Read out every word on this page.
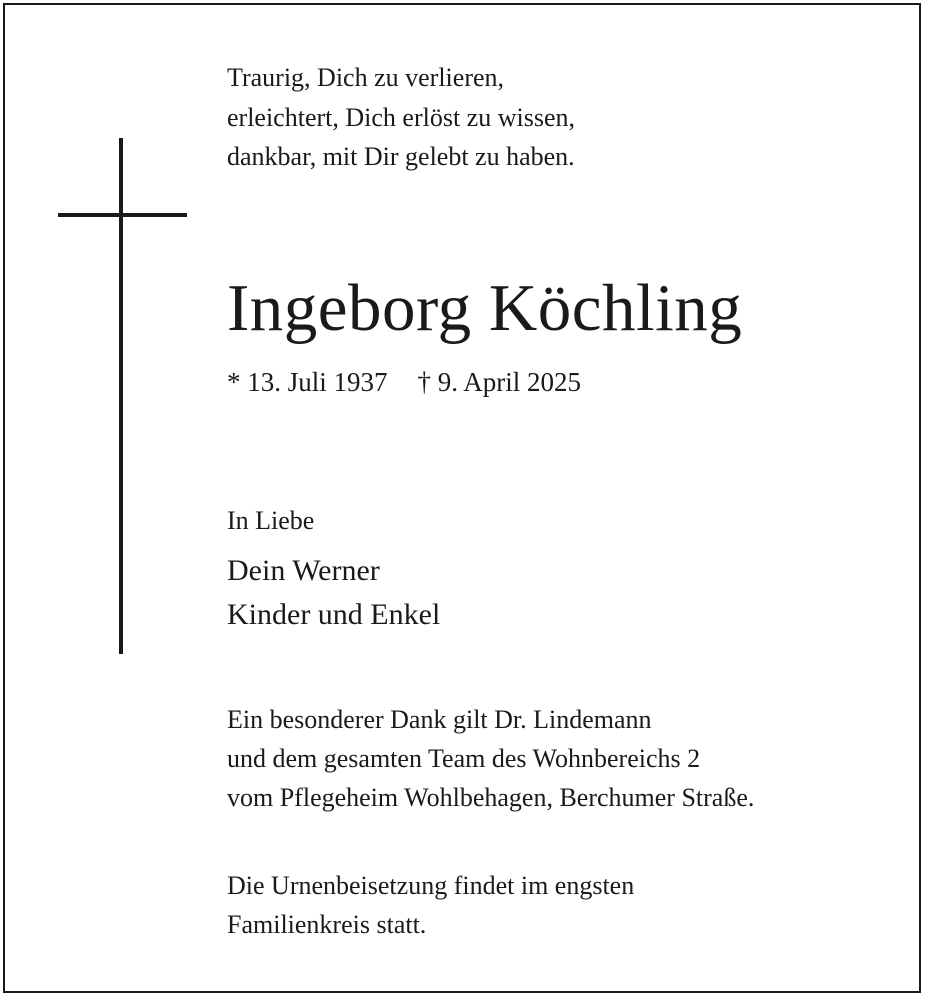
Traurig, Dich zu verlieren,
erleichtert, Dich erlöst zu wissen,
dankbar, mit Dir gelebt zu haben.
Ingeborg Köchling
* 13. Juli 1937 † 9. April 2025
In Liebe
Dein Werner
Kinder und Enkel
Ein besonderer Dank gilt Dr. Lindemann
und dem gesamten Team des Wohnbereichs 2
vom Pflegeheim Wohlbehagen, Berchumer Straße.
Die Urnenbeisetzung findet im engsten
Familienkreis statt.
